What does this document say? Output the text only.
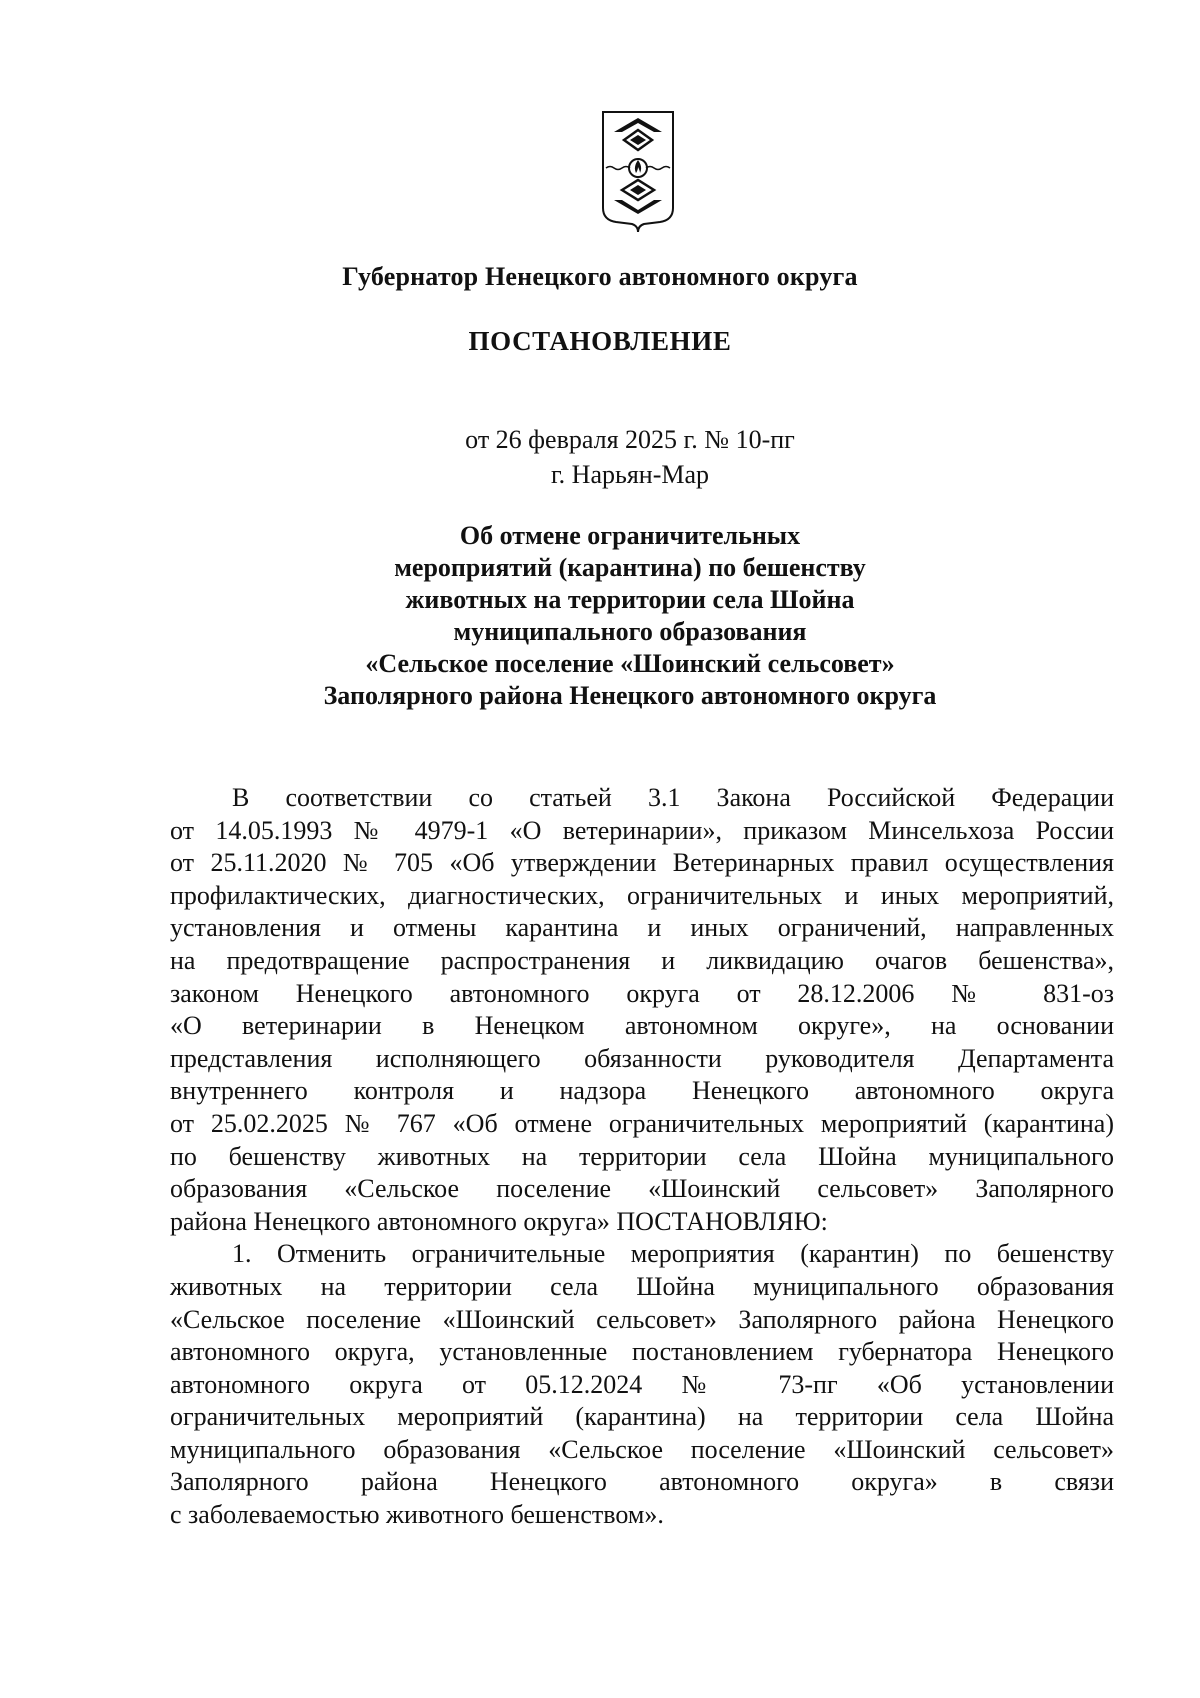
Губернатор Ненецкого автономного округа
ПОСТАНОВЛЕНИЕ
от 26 февраля 2025 г. № 10-пг
г. Нарьян-Мар
Об отмене ограничительных
мероприятий (карантина) по бешенству
животных на территории села Шойна
муниципального образования
«Сельское поселение «Шоинский сельсовет»
Заполярного района Ненецкого автономного округа
В соответствии со статьей 3.1 Закона Российской Федерации
от 14.05.1993 № 4979-1 «О ветеринарии», приказом Минсельхоза России
от 25.11.2020 № 705 «Об утверждении Ветеринарных правил осуществления
профилактических, диагностических, ограничительных и иных мероприятий,
установления и отмены карантина и иных ограничений, направленных
на предотвращение распространения и ликвидацию очагов бешенства»,
законом Ненецкого автономного округа от 28.12.2006 № 831-оз
«О ветеринарии в Ненецком автономном округе», на основании
представления исполняющего обязанности руководителя Департамента
внутреннего контроля и надзора Ненецкого автономного округа
от 25.02.2025 № 767 «Об отмене ограничительных мероприятий (карантина)
по бешенству животных на территории села Шойна муниципального
образования «Сельское поселение «Шоинский сельсовет» Заполярного
района Ненецкого автономного округа» ПОСТАНОВЛЯЮ:
1. Отменить ограничительные мероприятия (карантин) по бешенству
животных на территории села Шойна муниципального образования
«Сельское поселение «Шоинский сельсовет» Заполярного района Ненецкого
автономного округа, установленные постановлением губернатора Ненецкого
автономного округа от 05.12.2024 № 73-пг «Об установлении
ограничительных мероприятий (карантина) на территории села Шойна
муниципального образования «Сельское поселение «Шоинский сельсовет»
Заполярного района Ненецкого автономного округа» в связи
с заболеваемостью животного бешенством».
